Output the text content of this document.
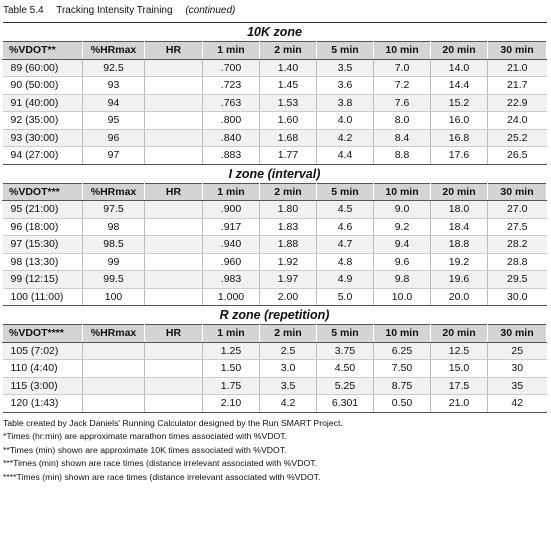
Table 5.4 Tracking Intensity Training (continued)
10K zone								
%VDOT**	%HRmax	HR	1 min	2 min	5 min	10 min	20 min	30 min
89 (60:00)	92.5		.700	1.40	3.5	7.0	14.0	21.0
90 (50:00)	93		.723	1.45	3.6	7.2	14.4	21.7
91 (40:00)	94		.763	1.53	3.8	7.6	15.2	22.9
92 (35:00)	95		.800	1.60	4.0	8.0	16.0	24.0
93 (30:00)	96		.840	1.68	4.2	8.4	16.8	25.2
94 (27:00)	97		.883	1.77	4.4	8.8	17.6	26.5
I zone (interval)								
%VDOT***	%HRmax	HR	1 min	2 min	5 min	10 min	20 min	30 min
95 (21:00)	97.5		.900	1.80	4.5	9.0	18.0	27.0
96 (18:00)	98		.917	1.83	4.6	9.2	18.4	27.5
97 (15:30)	98.5		.940	1.88	4.7	9.4	18.8	28.2
98 (13:30)	99		.960	1.92	4.8	9.6	19.2	28.8
99 (12:15)	99.5		.983	1.97	4.9	9.8	19.6	29.5
100 (11:00)	100		1.000	2.00	5.0	10.0	20.0	30.0
R zone (repetition)								
%VDOT****	%HRmax	HR	1 min	2 min	5 min	10 min	20 min	30 min
105 (7:02)			1.25	2.5	3.75	6.25	12.5	25
110 (4:40)			1.50	3.0	4.50	7.50	15.0	30
115 (3:00)			1.75	3.5	5.25	8.75	17.5	35
120 (1:43)			2.10	4.2	6.301	0.50	21.0	42
Table created by Jack Daniels' Running Calculator designed by the Run SMART Project.
*Times (hr:min) are approximate marathon times associated with %VDOT.
**Times (min) shown are approximate 10K times associated with %VDOT.
***Times (min) shown are race times (distance irrelevant associated with %VDOT.
****Times (min) shown are race times (distance irrelevant associated with %VDOT.
